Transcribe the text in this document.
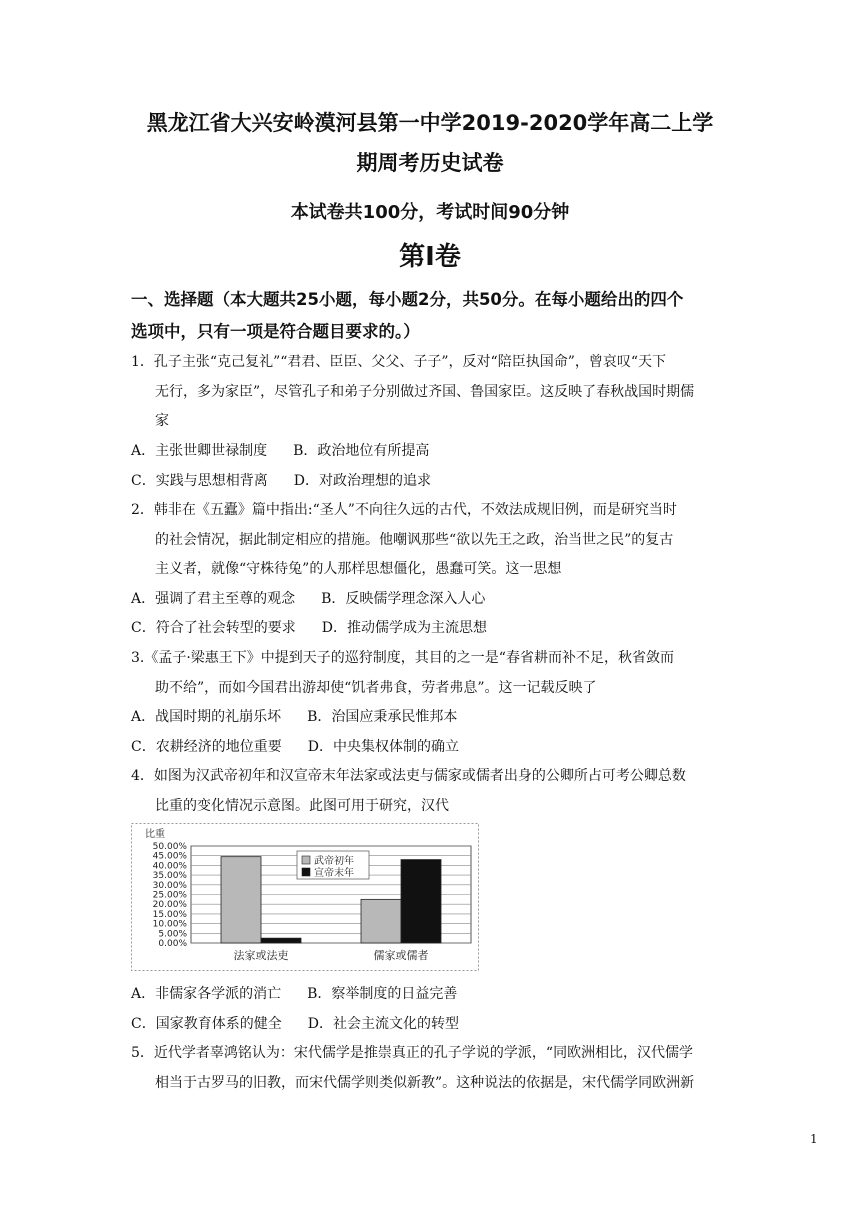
黑龙江省大兴安岭漠河县第一中学2019-2020学年高二上学
期周考历史试卷
本试卷共100分，考试时间90分钟
第Ⅰ卷
一、选择题（本大题共25小题，每小题2分，共50分。在每小题给出的四个
选项中，只有一项是符合题目要求的。）
1．孔子主张“克己复礼”“君君、臣臣、父父、子子”，反对“陪臣执国命”，曾哀叹“天下
无行，多为家臣”，尽管孔子和弟子分别做过齐国、鲁国家臣。这反映了春秋战国时期儒
家
A．主张世卿世禄制度 B．政治地位有所提高
C．实践与思想相背离 D．对政治理想的追求
2．韩非在《五蠹》篇中指出:“圣人”不向往久远的古代，不效法成规旧例，而是研究当时
的社会情况，据此制定相应的措施。他嘲讽那些“欲以先王之政，治当世之民”的复古
主义者，就像“守株待兔”的人那样思想僵化，愚蠢可笑。这一思想
A．强调了君主至尊的观念 B．反映儒学理念深入人心
C．符合了社会转型的要求 D．推动儒学成为主流思想
3.《孟子·梁惠王下》中提到天子的巡狩制度，其目的之一是“春省耕而补不足，秋省敛而
助不给”，而如今国君出游却使“饥者弗食，劳者弗息”。这一记载反映了
A．战国时期的礼崩乐坏 B．治国应秉承民惟邦本
C．农耕经济的地位重要 D．中央集权体制的确立
4．如图为汉武帝初年和汉宣帝末年法家或法吏与儒家或儒者出身的公卿所占可考公卿总数
比重的变化情况示意图。此图可用于研究，汉代
比重
0.00%
5.00%
10.00%
15.00%
20.00%
25.00%
30.00%
35.00%
40.00%
45.00%
50.00%
法家或法吏	儒家或儒者
武帝初年
宣帝末年
A．非儒家各学派的消亡 B．察举制度的日益完善
C．国家教育体系的健全 D．社会主流文化的转型
5．近代学者辜鸿铭认为：宋代儒学是推崇真正的孔子学说的学派，“同欧洲相比，汉代儒学
相当于古罗马的旧教，而宋代儒学则类似新教”。这种说法的依据是，宋代儒学同欧洲新
1
